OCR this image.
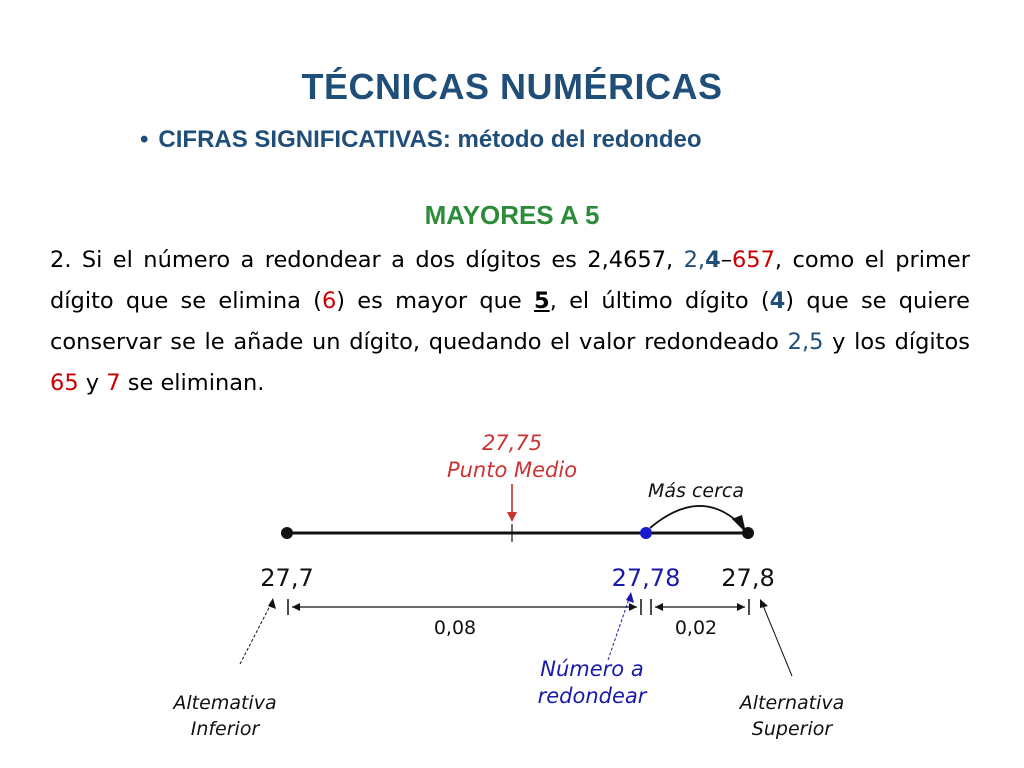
TÉCNICAS NUMÉRICAS
• CIFRAS SIGNIFICATIVAS: método del redondeo
MAYORES A 5
2. Si el número a redondear a dos dígitos es 2,4657, 2,4–657, como el primer dígito que se elimina (6) es mayor que 5, el último dígito (4) que se quiere conservar se le añade un dígito, quedando el valor redondeado 2,5 y los dígitos 65 y 7 se eliminan.
27,75
Punto Medio
Más cerca
27,7	27,78 27,8
0,08	0,02
Altemativa
Inferior
Número a
redondear	Alternativa
Superior
